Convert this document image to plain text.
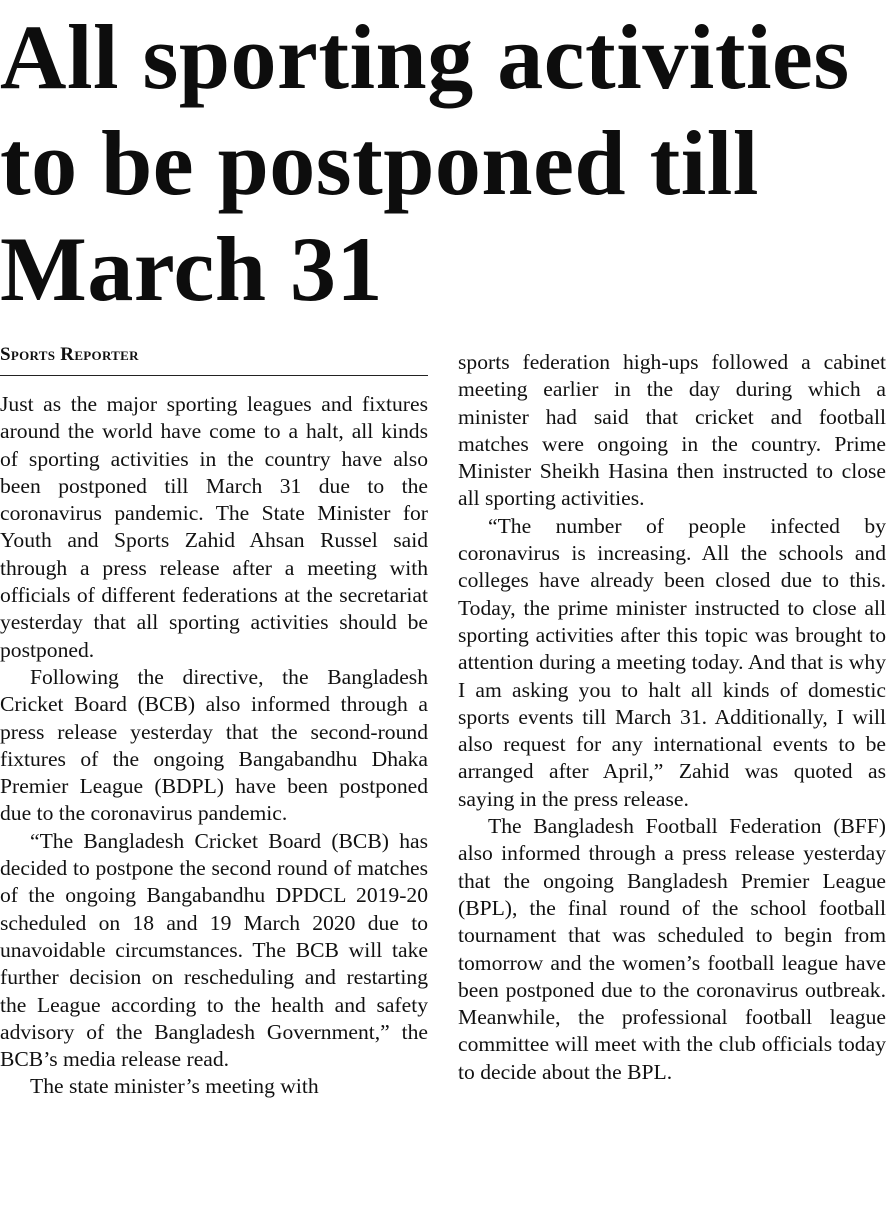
All sporting activities to be postponed till March 31
Sports Reporter

Just as the major sporting leagues and fixtures around the world have come to a halt, all kinds of sporting activities in the country have also been postponed till March 31 due to the coronavirus pandemic. The State Minister for Youth and Sports Zahid Ahsan Russel said through a press release after a meeting with officials of different federations at the secretariat yesterday that all sporting activities should be postponed.

Following the directive, the Bangladesh Cricket Board (BCB) also informed through a press release yesterday that the second-round fixtures of the ongoing Bangabandhu Dhaka Premier League (BDPL) have been postponed due to the coronavirus pandemic.

“The Bangladesh Cricket Board (BCB) has decided to postpone the second round of matches of the ongoing Bangabandhu DPDCL 2019-20 scheduled on 18 and 19 March 2020 due to unavoidable circumstances. The BCB will take further decision on rescheduling and restarting the League according to the health and safety advisory of the Bangladesh Government,” the BCB’s media release read.

The state minister’s meeting with

sports federation high-ups followed a cabinet meeting earlier in the day during which a minister had said that cricket and football matches were ongoing in the country. Prime Minister Sheikh Hasina then instructed to close all sporting activities.

“The number of people infected by coronavirus is increasing. All the schools and colleges have already been closed due to this. Today, the prime minister instructed to close all sporting activities after this topic was brought to attention during a meeting today. And that is why I am asking you to halt all kinds of domestic sports events till March 31. Additionally, I will also request for any international events to be arranged after April,” Zahid was quoted as saying in the press release.

The Bangladesh Football Federation (BFF) also informed through a press release yesterday that the ongoing Bangladesh Premier League (BPL), the final round of the school football tournament that was scheduled to begin from tomorrow and the women’s football league have been postponed due to the coronavirus outbreak. Meanwhile, the professional football league committee will meet with the club officials today to decide about the BPL.
